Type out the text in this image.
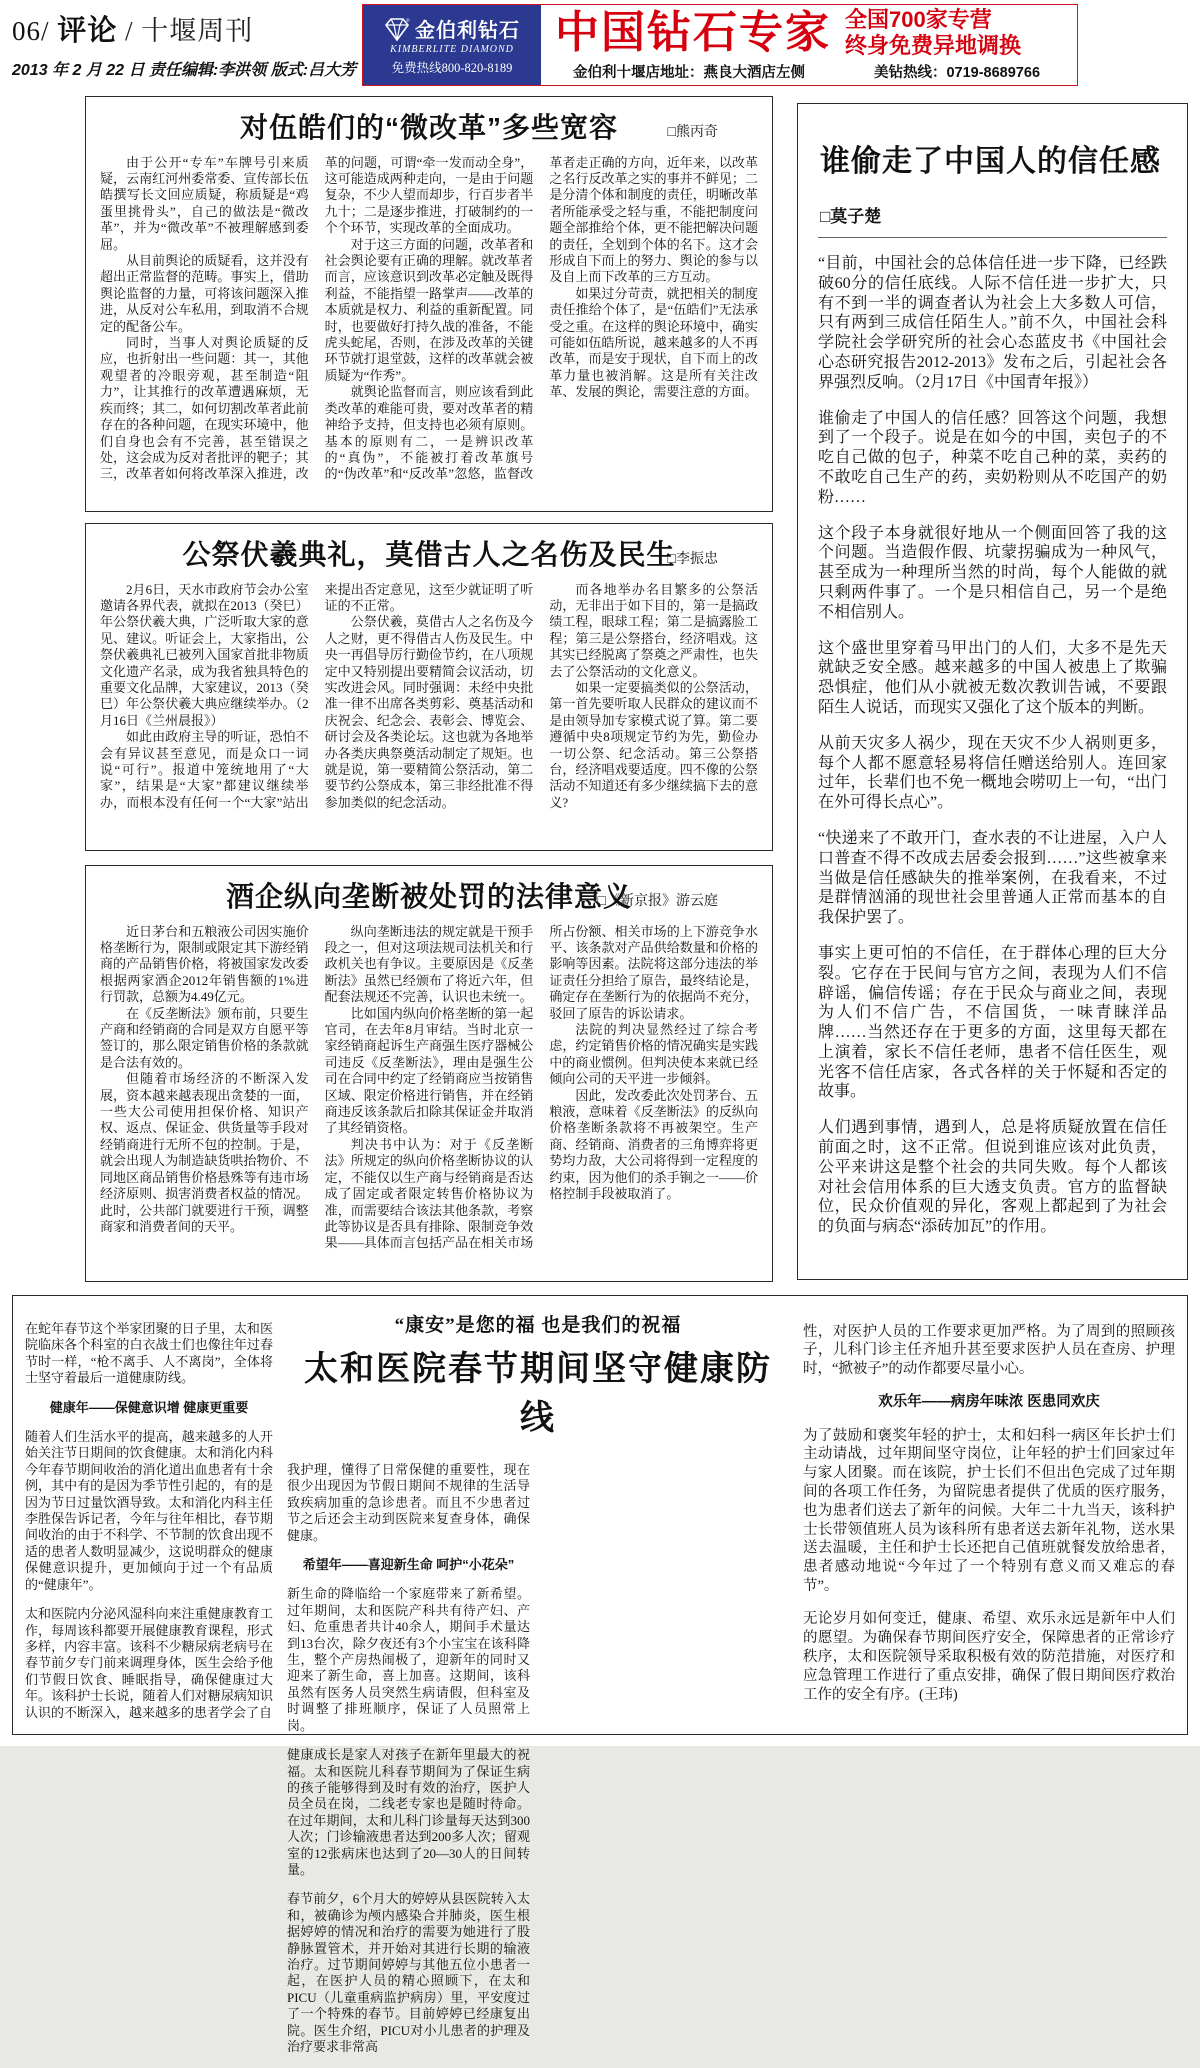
06/ 评论 / 十堰周刊
2013 年 2 月 22 日 责任编辑:李洪领 版式:吕大芳
® 金伯利钻石
KIMBERLITE DIAMOND
免费热线800-820-8189
中国钻石专家 全国700家专营
终身免费异地调换
金伯利十堰店地址：燕良大酒店左侧	美钻热线：0719-8689766
对伍皓们的“微改革”多些宽容	□熊丙奇

由于公开“专车”车牌号引来质疑，云南红河州委常委、宣传部长伍皓撰写长文回应质疑，称质疑是“鸡蛋里挑骨头”，自己的做法是“微改革”，并为“微改革”不被理解感到委屈。

从目前舆论的质疑看，这并没有超出正常监督的范畴。事实上，借助舆论监督的力量，可将该问题深入推进，从反对公车私用，到取消不合规定的配备公车。

同时，当事人对舆论质疑的反应，也折射出一些问题：其一，其他观望者的冷眼旁观，甚至制造“阻力”，让其推行的改革遭遇麻烦，无疾而终；其二，如何切割改革者此前存在的各种问题，在现实环境中，他们自身也会有不完善，甚至错误之处，这会成为反对者批评的靶子；其三，改革者如何将改革深入推进，改革的问题，可谓“牵一发而动全身”，这可能造成两种走向，一是由于问题复杂，不少人望而却步，行百步者半九十；二是逐步推进，打破制约的一个个环节，实现改革的全面成功。

对于这三方面的问题，改革者和社会舆论要有正确的理解。就改革者而言，应该意识到改革必定触及既得利益，不能指望一路掌声——改革的本质就是权力、利益的重新配置。同时，也要做好打持久战的准备，不能虎头蛇尾，否则，在涉及改革的关键环节就打退堂鼓，这样的改革就会被质疑为“作秀”。

就舆论监督而言，则应该看到此类改革的难能可贵，要对改革者的精神给予支持，但支持也必须有原则。基本的原则有二，一是辨识改革的“真伪”，不能被打着改革旗号的“伪改革”和“反改革”忽悠，监督改革者走正确的方向，近年来，以改革之名行反改革之实的事并不鲜见；二是分清个体和制度的责任，明晰改革者所能承受之轻与重，不能把制度问题全部推给个体，更不能把解决问题的责任，全划到个体的名下。这才会形成自下而上的努力、舆论的参与以及自上而下改革的三方互动。

如果过分苛责，就把相关的制度责任推给个体了，是“伍皓们”无法承受之重。在这样的舆论环境中，确实可能如伍皓所说，越来越多的人不再改革，而是安于现状，自下而上的改革力量也被消解。这是所有关注改革、发展的舆论，需要注意的方面。

公祭伏羲典礼，莫借古人之名伤及民生
□李振忠

2月6日，天水市政府节会办公室邀请各界代表，就拟在2013（癸巳）年公祭伏羲大典，广泛听取大家的意见、建议。听证会上，大家指出，公祭伏羲典礼已被列入国家首批非物质文化遗产名录，成为我省独具特色的重要文化品牌，大家建议，2013（癸巳）年公祭伏羲大典应继续举办。（2月16日《兰州晨报》）

如此由政府主导的听证，恐怕不会有异议甚至意见，而是众口一词说“可行”。报道中笼统地用了“大家”，结果是“大家”都建议继续举办，而根本没有任何一个“大家”站出来提出否定意见，这至少就证明了听证的不正常。

公祭伏羲，莫借古人之名伤及今人之财，更不得借古人伤及民生。中央一再倡导厉行勤俭节约，在八项规定中又特别提出要精简会议活动，切实改进会风。同时强调：未经中央批准一律不出席各类剪彩、奠基活动和庆祝会、纪念会、表彰会、博览会、研讨会及各类论坛。这也就为各地举办各类庆典祭奠活动制定了规矩。也就是说，第一要精简公祭活动，第二要节约公祭成本，第三非经批准不得参加类似的纪念活动。

而各地举办名目繁多的公祭活动，无非出于如下目的，第一是搞政绩工程，眼球工程；第二是搞露脸工程；第三是公祭搭台，经济唱戏。这其实已经脱离了祭奠之严肃性，也失去了公祭活动的文化意义。

如果一定要搞类似的公祭活动，第一首先要听取人民群众的建议而不是由领导加专家模式说了算。第二要遵循中央8项规定节约为先，勤俭办一切公祭、纪念活动。第三公祭搭台，经济唱戏要适度。四不像的公祭活动不知道还有多少继续搞下去的意义?

酒企纵向垄断被处罚的法律意义
□《新京报》游云庭

近日茅台和五粮液公司因实施价格垄断行为，限制或限定其下游经销商的产品销售价格，将被国家发改委根据两家酒企2012年销售额的1%进行罚款，总额为4.49亿元。

在《反垄断法》颁布前，只要生产商和经销商的合同是双方自愿平等签订的，那么限定销售价格的条款就是合法有效的。

但随着市场经济的不断深入发展，资本越来越表现出贪婪的一面，一些大公司使用担保价格、知识产权、返点、保证金、供货量等手段对经销商进行无所不包的控制。于是，就会出现人为制造缺货哄抬物价、不同地区商品销售价格悬殊等有违市场经济原则、损害消费者权益的情况。此时，公共部门就要进行干预，调整商家和消费者间的天平。

纵向垄断违法的规定就是干预手段之一，但对这项法规司法机关和行政机关也有争议。主要原因是《反垄断法》虽然已经颁布了将近六年，但配套法规还不完善，认识也未统一。

比如国内纵向价格垄断的第一起官司，在去年8月审结。当时北京一家经销商起诉生产商强生医疗器械公司违反《反垄断法》，理由是强生公司在合同中约定了经销商应当按销售区域、限定价格进行销售，并在经销商违反该条款后扣除其保证金并取消了其经销资格。

判决书中认为：对于《反垄断法》所规定的纵向价格垄断协议的认定，不能仅以生产商与经销商是否达成了固定或者限定转售价格协议为准，而需要结合该法其他条款，考察此等协议是否具有排除、限制竞争效果——具体而言包括产品在相关市场所占份额、相关市场的上下游竞争水平、该条款对产品供给数量和价格的影响等因素。法院将这部分违法的举证责任分担给了原告，最终结论是，确定存在垄断行为的依据尚不充分，驳回了原告的诉讼请求。

法院的判决显然经过了综合考虑，约定销售价格的情况确实是实践中的商业惯例。但判决使本来就已经倾向公司的天平进一步倾斜。

因此，发改委此次处罚茅台、五粮液，意味着《反垄断法》的反纵向价格垄断条款将不再被架空。生产商、经销商、消费者的三角博弈将更势均力敌，大公司将得到一定程度的约束，因为他们的杀手锏之一——价格控制手段被取消了。

谁偷走了中国人的信任感
□莫子楚

“目前，中国社会的总体信任进一步下降，已经跌破60分的信任底线。人际不信任进一步扩大，只有不到一半的调查者认为社会上大多数人可信，只有两到三成信任陌生人。”前不久，中国社会科学院社会学研究所的社会心态蓝皮书《中国社会心态研究报告2012-2013》发布之后，引起社会各界强烈反响。（2月17日《中国青年报》）

谁偷走了中国人的信任感？回答这个问题，我想到了一个段子。说是在如今的中国，卖包子的不吃自己做的包子，种菜不吃自己种的菜，卖药的不敢吃自己生产的药，卖奶粉则从不吃国产的奶粉……

这个段子本身就很好地从一个侧面回答了我的这个问题。当造假作假、坑蒙拐骗成为一种风气，甚至成为一种理所当然的时尚，每个人能做的就只剩两件事了。一个是只相信自己，另一个是绝不相信别人。

这个盛世里穿着马甲出门的人们，大多不是先天就缺乏安全感。越来越多的中国人被患上了欺骗恐惧症，他们从小就被无数次教训告诫，不要跟陌生人说话，而现实又强化了这个版本的判断。

从前天灾多人祸少，现在天灾不少人祸则更多，每个人都不愿意轻易将信任赠送给别人。连回家过年，长辈们也不免一概地会唠叨上一句，“出门在外可得长点心”。

“快递来了不敢开门，查水表的不让进屋，入户人口普查不得不改成去居委会报到……”这些被拿来当做是信任感缺失的推举案例，在我看来，不过是群情汹涌的现世社会里普通人正常而基本的自我保护罢了。

事实上更可怕的不信任，在于群体心理的巨大分裂。它存在于民间与官方之间，表现为人们不信辟谣，偏信传谣；存在于民众与商业之间，表现为人们不信广告，不信国货，一味青睐洋品牌……当然还存在于更多的方面，这里每天都在上演着，家长不信任老师，患者不信任医生，观光客不信任店家，各式各样的关于怀疑和否定的故事。

人们遇到事情，遇到人，总是将质疑放置在信任前面之时，这不正常。但说到谁应该对此负责，公平来讲这是整个社会的共同失败。每个人都该对社会信用体系的巨大透支负责。官方的监督缺位，民众价值观的异化，客观上都起到了为社会的负面与病态“添砖加瓦”的作用。

在蛇年春节这个举家团聚的日子里，太和医院临床各个科室的白衣战士们也像往年过春节时一样，“枪不离手、人不离岗”，全体将士坚守着最后一道健康防线。

健康年——保健意识增 健康更重要

随着人们生活水平的提高，越来越多的人开始关注节日期间的饮食健康。太和消化内科今年春节期间收治的消化道出血患者有十余例，其中有的是因为季节性引起的，有的是因为节日过量饮酒导致。太和消化内科主任李胜保告诉记者，今年与往年相比，春节期间收治的由于不科学、不节制的饮食出现不适的患者人数明显减少，这说明群众的健康保健意识提升，更加倾向于过一个有品质的“健康年”。

太和医院内分泌风湿科向来注重健康教育工作，每周该科都要开展健康教育课程，形式多样，内容丰富。该科不少糖尿病老病号在春节前夕专门前来调理身体，医生会给予他们节假日饮食、睡眠指导，确保健康过大年。该科护士长说，随着人们对糖尿病知识认识的不断深入，越来越多的患者学会了自

“康安”是您的福 也是我们的祝福
太和医院春节期间坚守健康防线

我护理，懂得了日常保健的重要性，现在很少出现因为节假日期间不规律的生活导致疾病加重的急诊患者。而且不少患者过节之后还会主动到医院来复查身体，确保健康。

希望年——喜迎新生命 呵护“小花朵”

新生命的降临给一个家庭带来了新希望。过年期间，太和医院产科共有待产妇、产妇、危重患者共计40余人，期间手术量达到13台次，除夕夜还有3个小宝宝在该科降生，整个产房热闹极了，迎新年的同时又迎来了新生命，喜上加喜。这期间，该科虽然有医务人员突然生病请假，但科室及时调整了排班顺序，保证了人员照常上岗。

健康成长是家人对孩子在新年里最大的祝福。太和医院儿科春节期间为了保证生病的孩子能够得到及时有效的治疗，医护人员全员在岗，二线老专家也是随时待命。在过年期间，太和儿科门诊量每天达到300人次；门诊输液患者达到200多人次；留观室的12张病床也达到了20—30人的日间转量。

春节前夕，6个月大的婷婷从县医院转入太和，被确诊为颅内感染合并肺炎，医生根据婷婷的情况和治疗的需要为她进行了股静脉置管术，并开始对其进行长期的输液治疗。过节期间婷婷与其他五位小患者一起，在医护人员的精心照顾下，在太和PICU（儿童重病监护病房）里，平安度过了一个特殊的春节。目前婷婷已经康复出院。医生介绍，PICU对小儿患者的护理及治疗要求非常高

性，对医护人员的工作要求更加严格。为了周到的照顾孩子，儿科门诊主任齐旭升甚至要求医护人员在查房、护理时，“掀被子”的动作都要尽量小心。

欢乐年——病房年味浓 医患同欢庆

为了鼓励和褒奖年轻的护士，太和妇科一病区年长护士们主动请战，过年期间坚守岗位，让年轻的护士们回家过年与家人团聚。而在该院，护士长们不但出色完成了过年期间的各项工作任务，为留院患者提供了优质的医疗服务，也为患者们送去了新年的问候。大年二十九当天，该科护士长带领值班人员为该科所有患者送去新年礼物，送水果送去温暖，主任和护士长还把自己值班就餐发放给患者，患者感动地说“今年过了一个特别有意义而又难忘的春节”。

无论岁月如何变迁，健康、希望、欢乐永远是新年中人们的愿望。为确保春节期间医疗安全，保障患者的正常诊疗秩序，太和医院领导采取积极有效的防范措施，对医疗和应急管理工作进行了重点安排，确保了假日期间医疗救治工作的安全有序。(王玮)
